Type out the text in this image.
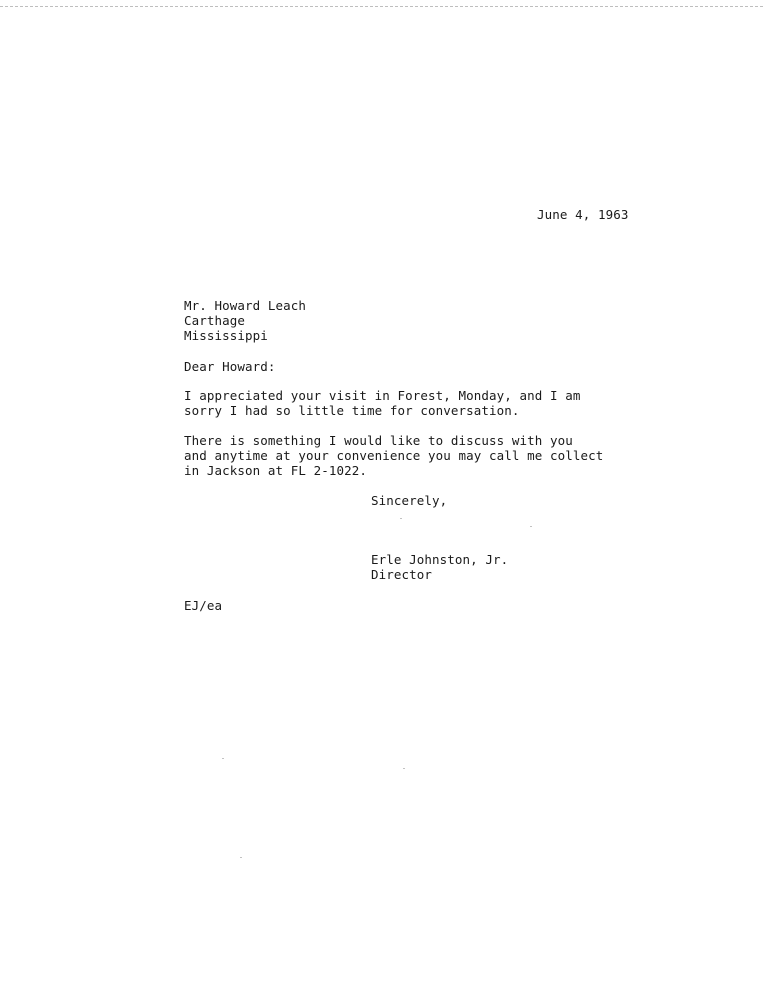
June 4, 1963
Mr. Howard Leach
Carthage
Mississippi
Dear Howard:
I appreciated your visit in Forest, Monday, and I am
sorry I had so little time for conversation.
There is something I would like to discuss with you
and anytime at your convenience you may call me collect
in Jackson at FL 2-1022.
Sincerely,
Erle Johnston, Jr.
Director
EJ/ea
